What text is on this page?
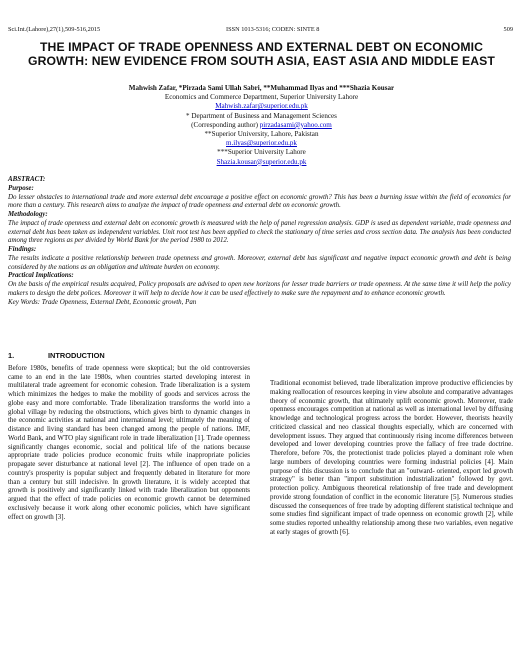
Sci.Int.(Lahore),27(1),509-516,2015	ISSN 1013-5316; CODEN: SINTE 8	509
THE IMPACT OF TRADE OPENNESS AND EXTERNAL DEBT ON ECONOMIC GROWTH: NEW EVIDENCE FROM SOUTH ASIA, EAST ASIA AND MIDDLE EAST
Mahwish Zafar, *Pirzada Sami Ullah Sabri, **Muhammad Ilyas and ***Shazia Kousar
Economics and Commerce Department, Superior University Lahore
Mahwish.zafar@superior.edu.pk
* Department of Business and Management Sciences
(Corresponding author) pirzadasami@yahoo.com
**Superior University, Lahore, Pakistan
m.ilyas@superior.edu.pk
***Superior University Lahore
Shazia.kousar@superior.edu.pk
ABSTRACT:
Purpose:
Do lesser obstacles to international trade and more external debt encourage a positive effect on economic growth? This has been a burning issue within the field of economics for more than a century. This research aims to analyze the impact of trade openness and external debt on economic growth.
Methodology:
The impact of trade openness and external debt on economic growth is measured with the help of panel regression analysis. GDP is used as dependent variable, trade openness and external debt has been taken as independent variables. Unit root test has been applied to check the stationary of time series and cross section data. The analysis has been conducted among three regions as per divided by World Bank for the period 1980 to 2012.
Findings:
The results indicate a positive relationship between trade openness and growth. Moreover, external debt has significant and negative impact economic growth and debt is being considered by the nations as an obligation and ultimate burden on economy.
Practical Implications:
On the basis of the empirical results acquired, Policy proposals are advised to open new horizons for lesser trade barriers or trade openness. At the same time it will help the policy makers to design the debt polices. Moreover it will help to decide how it can be used effectively to make sure the repayment and to enhance economic growth.
Key Words: Trade Openness, External Debt, Economic growth, Pan
1.	INTRODUCTION

Before 1980s, benefits of trade openness were skeptical; but the old controversies came to an end in the late 1980s, when countries started developing interest in multilateral trade agreement for economic cohesion. Trade liberalization is a system which minimizes the hedges to make the mobility of goods and services across the globe easy and more comfortable. Trade liberalization transforms the world into a global village by reducing the obstructions, which gives birth to dynamic changes in the economic activities at national and international level; ultimately the meaning of distance and living standard has been changed among the people of nations. IMF, World Bank, and WTO play significant role in trade liberalization [1]. Trade openness significantly changes economic, social and political life of the nations because appropriate trade policies produce economic fruits while inappropriate policies propagate sever disturbance at national level [2]. The influence of open trade on a country's prosperity is popular subject and frequently debated in literature for more than a century but still indecisive. In growth literature, it is widely accepted that growth is positively and significantly linked with trade liberalization but opponents argued that the effect of trade policies on economic growth cannot be determined exclusively because it work along other economic policies, which have significant effect on growth [3].

Traditional economist believed, trade liberalization improve productive efficiencies by making reallocation of resources keeping in view absolute and comparative advantages theory of economic growth, that ultimately uplift economic growth. Moreover, trade openness encourages competition at national as well as international level by diffusing knowledge and technological progress across the border. However, theorists heavily criticized classical and neo classical thoughts especially, which are concerned with development issues. They argued that continuously rising income differences between developed and lower developing countries prove the fallacy of free trade doctrine. Therefore, before 70s, the protectionist trade policies played a dominant role when large numbers of developing countries were forming industrial policies [4]. Main purpose of this discussion is to conclude that an "outward- oriented, export led growth strategy" is better than "import substitution industrialization" followed by govt. protection policy. Ambiguous theoretical relationship of free trade and development provide strong foundation of conflict in the economic literature [5]. Numerous studies discussed the consequences of free trade by adopting different statistical technique and some studies find significant impact of trade openness on economic growth [2], while some studies reported unhealthy relationship among these two variables, even negative at early stages of growth [6].
